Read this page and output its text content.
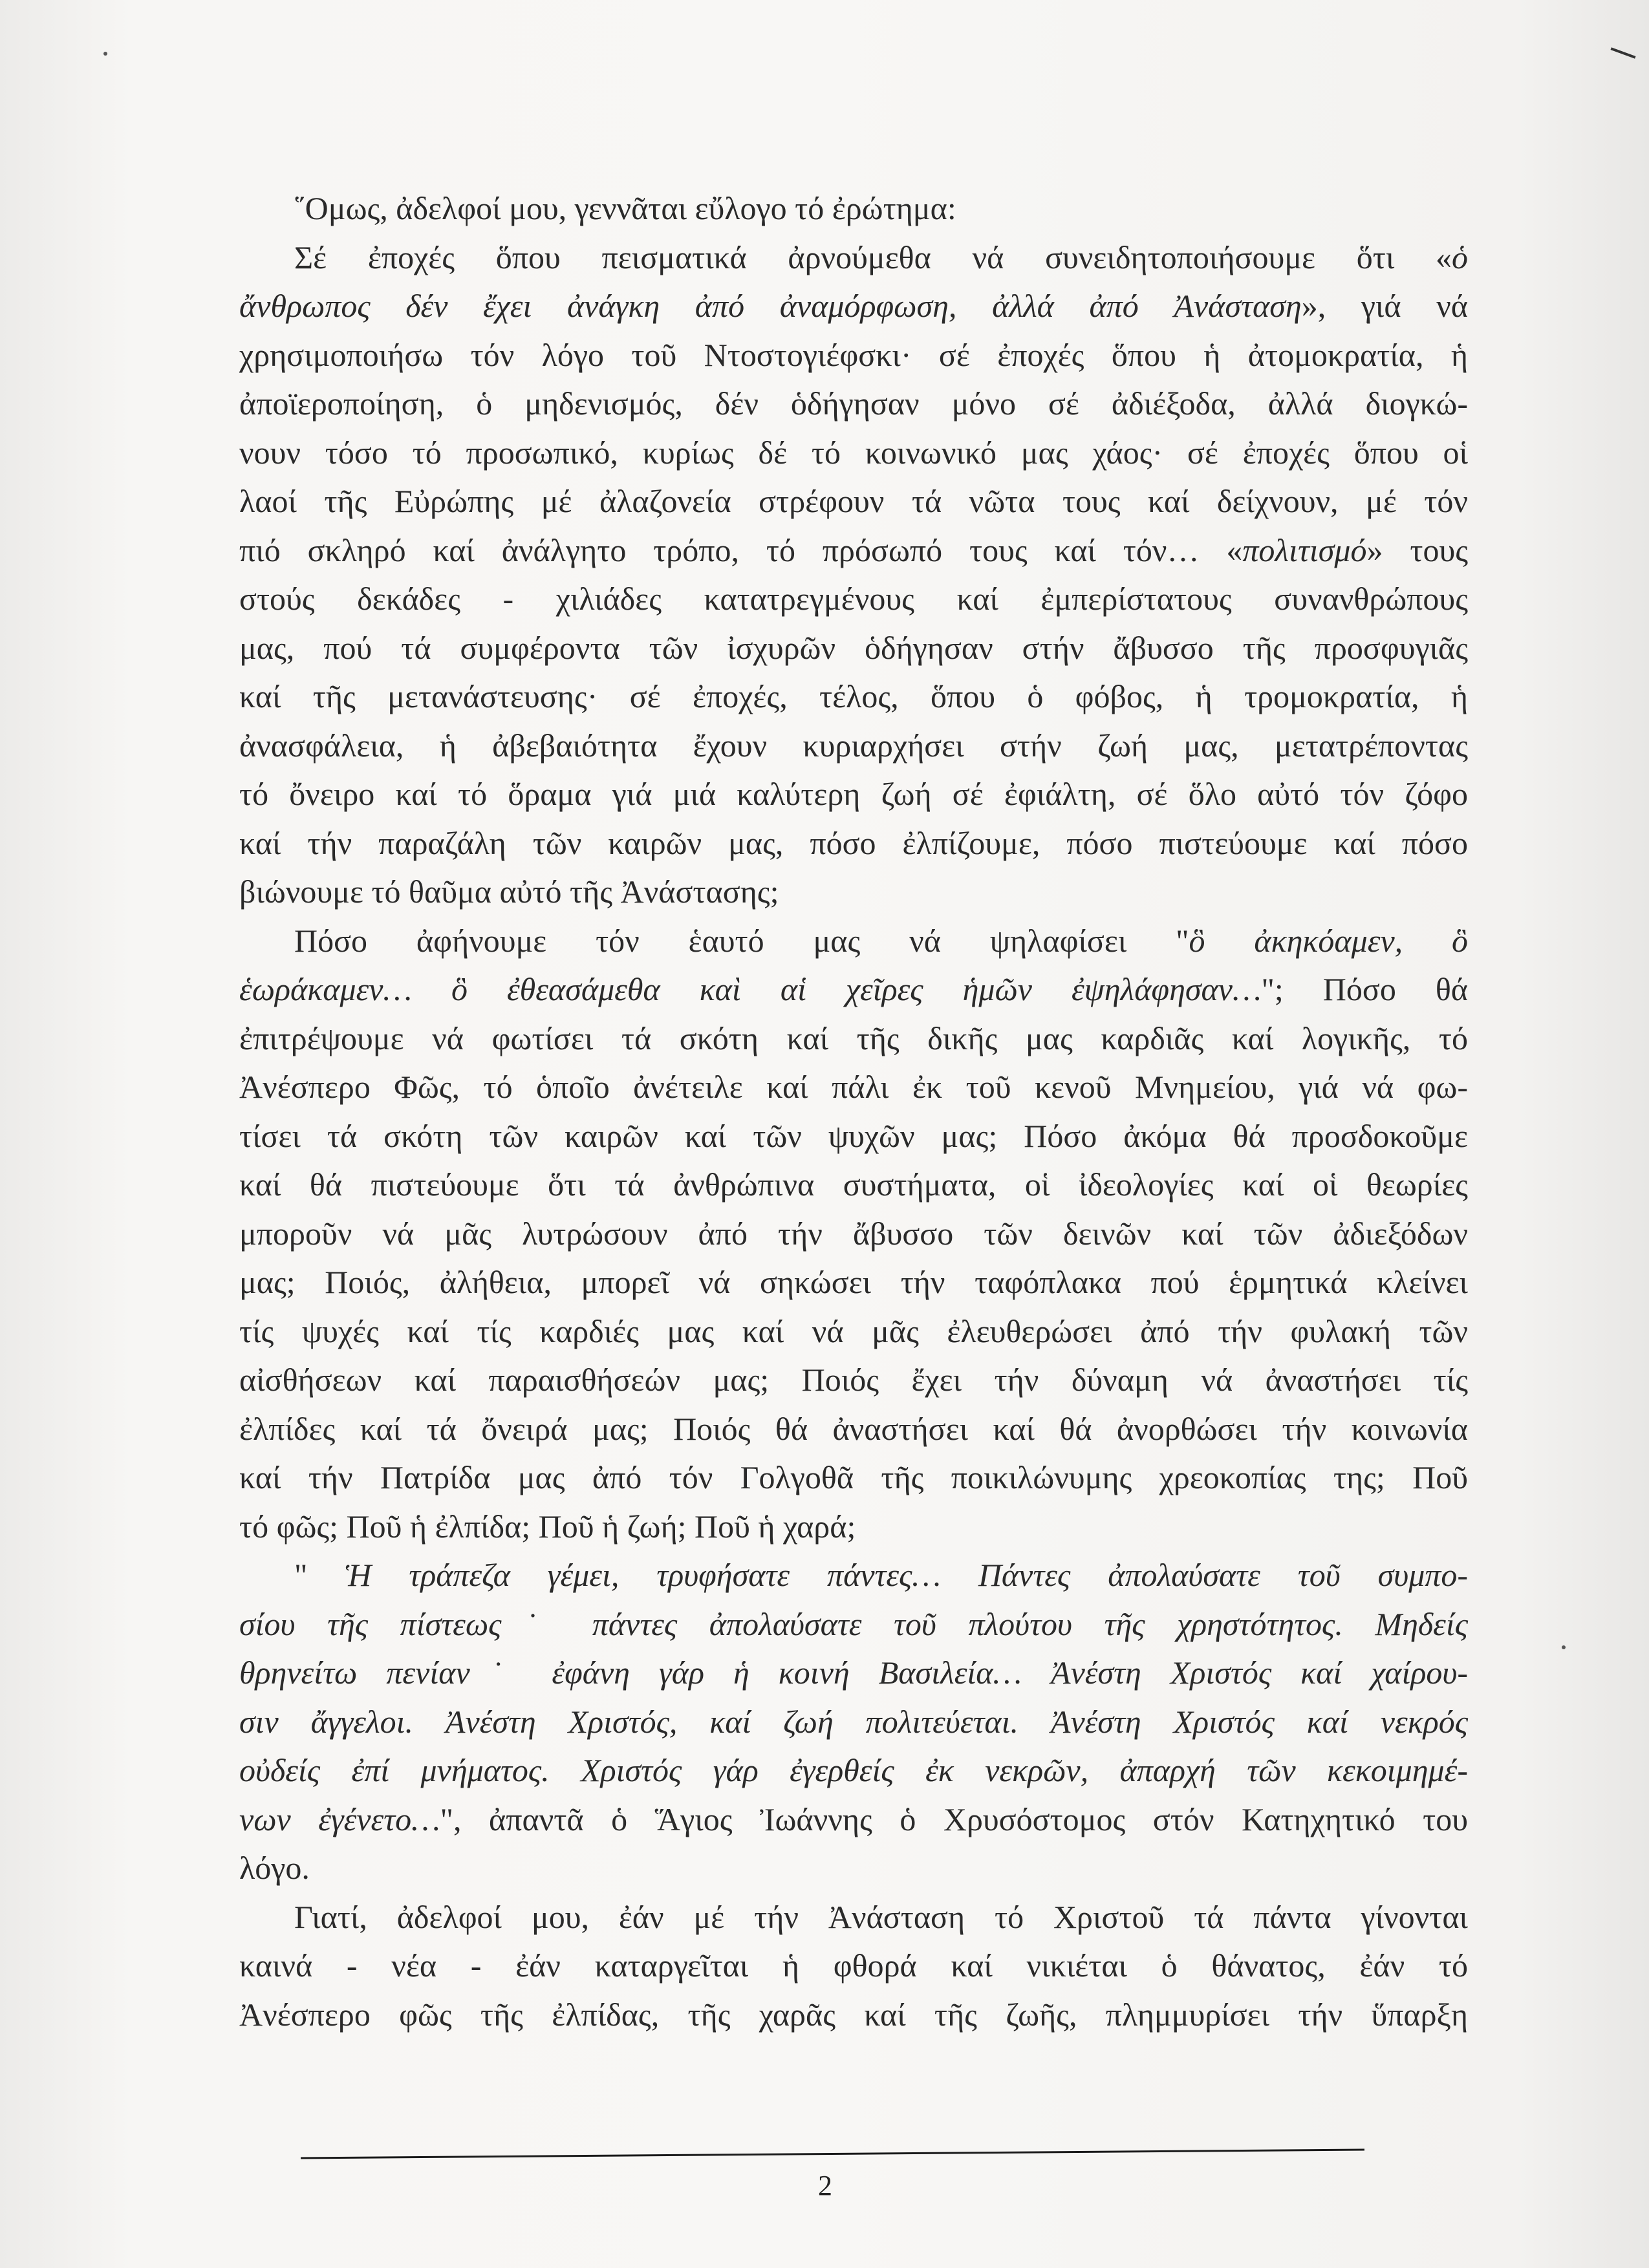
῞Ομως, ἀδελφοί μου, γεννᾶται εὔλογο τό ἐρώτημα:
Σέ ἐποχές ὅπου πεισματικά ἀρνούμεθα νά συνειδητοποιήσουμε ὅτι «ὁ
ἄνθρωπος δέν ἔχει ἀνάγκη ἀπό ἀναμόρφωση, ἀλλά ἀπό Ἀνάσταση», γιά νά
χρησιμοποιήσω τόν λόγο τοῦ Ντοστογιέφσκι· σέ ἐποχές ὅπου ἡ ἀτομοκρατία, ἡ
ἀποϊεροποίηση, ὁ μηδενισμός, δέν ὁδήγησαν μόνο σέ ἀδιέξοδα, ἀλλά διογκώ-
νουν τόσο τό προσωπικό, κυρίως δέ τό κοινωνικό μας χάος· σέ ἐποχές ὅπου οἱ
λαοί τῆς Εὐρώπης μέ ἀλαζονεία στρέφουν τά νῶτα τους καί δείχνουν, μέ τόν
πιό σκληρό καί ἀνάλγητο τρόπο, τό πρόσωπό τους καί τόν… «πολιτισμό» τους
στούς δεκάδες - χιλιάδες κατατρεγμένους καί ἐμπερίστατους συνανθρώπους
μας, πού τά συμφέροντα τῶν ἰσχυρῶν ὁδήγησαν στήν ἄβυσσο τῆς προσφυγιᾶς
καί τῆς μετανάστευσης· σέ ἐποχές, τέλος, ὅπου ὁ φόβος, ἡ τρομοκρατία, ἡ
ἀνασφάλεια, ἡ ἀβεβαιότητα ἔχουν κυριαρχήσει στήν ζωή μας, μετατρέποντας
τό ὄνειρο καί τό ὅραμα γιά μιά καλύτερη ζωή σέ ἐφιάλτη, σέ ὅλο αὐτό τόν ζόφο
καί τήν παραζάλη τῶν καιρῶν μας, πόσο ἐλπίζουμε, πόσο πιστεύουμε καί πόσο
βιώνουμε τό θαῦμα αὐτό τῆς Ἀνάστασης;
Πόσο ἀφήνουμε τόν ἑαυτό μας νά ψηλαφίσει "ὃ ἀκηκόαμεν, ὃ
ἑωράκαμεν… ὃ ἐθεασάμεθα καὶ αἱ χεῖρες ἡμῶν ἐψηλάφησαν…"; Πόσο θά
ἐπιτρέψουμε νά φωτίσει τά σκότη καί τῆς δικῆς μας καρδιᾶς καί λογικῆς, τό
Ἀνέσπερο Φῶς, τό ὁποῖο ἀνέτειλε καί πάλι ἐκ τοῦ κενοῦ Μνημείου, γιά νά φω-
τίσει τά σκότη τῶν καιρῶν καί τῶν ψυχῶν μας; Πόσο ἀκόμα θά προσδοκοῦμε
καί θά πιστεύουμε ὅτι τά ἀνθρώπινα συστήματα, οἱ ἰδεολογίες καί οἱ θεωρίες
μποροῦν νά μᾶς λυτρώσουν ἀπό τήν ἄβυσσο τῶν δεινῶν καί τῶν ἀδιεξόδων
μας; Ποιός, ἀλήθεια, μπορεῖ νά σηκώσει τήν ταφόπλακα πού ἑρμητικά κλείνει
τίς ψυχές καί τίς καρδιές μας καί νά μᾶς ἐλευθερώσει ἀπό τήν φυλακή τῶν
αἰσθήσεων καί παραισθήσεών μας; Ποιός ἔχει τήν δύναμη νά ἀναστήσει τίς
ἐλπίδες καί τά ὄνειρά μας; Ποιός θά ἀναστήσει καί θά ἀνορθώσει τήν κοινωνία
καί τήν Πατρίδα μας ἀπό τόν Γολγοθᾶ τῆς ποικιλώνυμης χρεοκοπίας της; Ποῦ
τό φῶς; Ποῦ ἡ ἐλπίδα; Ποῦ ἡ ζωή; Ποῦ ἡ χαρά;
" Ἡ τράπεζα γέμει, τρυφήσατε πάντες… Πάντες ἀπολαύσατε τοῦ συμπο-
σίου τῆς πίστεως˙ πάντες ἀπολαύσατε τοῦ πλούτου τῆς χρηστότητος. Μηδείς
θρηνείτω πενίαν˙ ἐφάνη γάρ ἡ κοινή Βασιλεία… Ἀνέστη Χριστός καί χαίρου-
σιν ἄγγελοι. Ἀνέστη Χριστός, καί ζωή πολιτεύεται. Ἀνέστη Χριστός καί νεκρός
οὐδείς ἐπί μνήματος. Χριστός γάρ ἐγερθείς ἐκ νεκρῶν, ἀπαρχή τῶν κεκοιμημέ-
νων ἐγένετο…", ἀπαντᾶ ὁ Ἅγιος Ἰωάννης ὁ Χρυσόστομος στόν Κατηχητικό του
λόγο.
Γιατί, ἀδελφοί μου, ἐάν μέ τήν Ἀνάσταση τό Χριστοῦ τά πάντα γίνονται
καινά - νέα - ἐάν καταργεῖται ἡ φθορά καί νικιέται ὁ θάνατος, ἐάν τό
Ἀνέσπερο φῶς τῆς ἐλπίδας, τῆς χαρᾶς καί τῆς ζωῆς, πλημμυρίσει τήν ὕπαρξη
2
